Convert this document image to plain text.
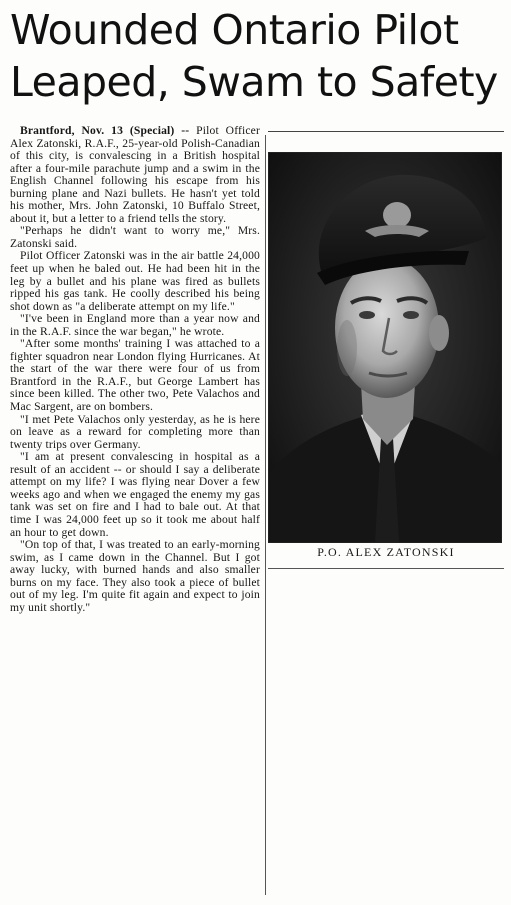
Wounded Ontario Pilot
Leaped, Swam to Safety

Brantford, Nov. 13 (Special) -- Pilot Officer Alex Zatonski, R.A.F., 25-year-old Polish-Canadian of this city, is convalescing in a British hospital after a four-mile parachute jump and a swim in the English Channel following his escape from his burning plane and Nazi bullets. He hasn't yet told his mother, Mrs. John Zatonski, 10 Buffalo Street, about it, but a letter to a friend tells the story.

"Perhaps he didn't want to worry me," Mrs. Zatonski said.

Pilot Officer Zatonski was in the air battle 24,000 feet up when he baled out. He had been hit in the leg by a bullet and his plane was fired as bullets ripped his gas tank. He coolly described his being shot down as "a deliberate attempt on my life."

"I've been in England more than a year now and in the R.A.F. since the war began," he wrote.

"After some months' training I was attached to a fighter squadron near London flying Hurricanes. At the start of the war there were four of us from Brantford in the R.A.F., but George Lambert has since been killed. The other two, Pete Valachos and Mac Sargent, are on bombers.

"I met Pete Valachos only yesterday, as he is here on leave as a reward for completing more than twenty trips over Germany.

"I am at present convalescing in hospital as a result of an accident -- or should I say a deliberate attempt on my life? I was flying near Dover a few weeks ago and when we engaged the enemy my gas tank was set on fire and I had to bale out. At that time I was 24,000 feet up so it took me about half an hour to get down.

"On top of that, I was treated to an early-morning swim, as I came down in the Channel. But I got away lucky, with burned hands and also smaller burns on my face. They also took a piece of bullet out of my leg. I'm quite fit again and expect to join my unit shortly."

P.O. ALEX ZATONSKI
